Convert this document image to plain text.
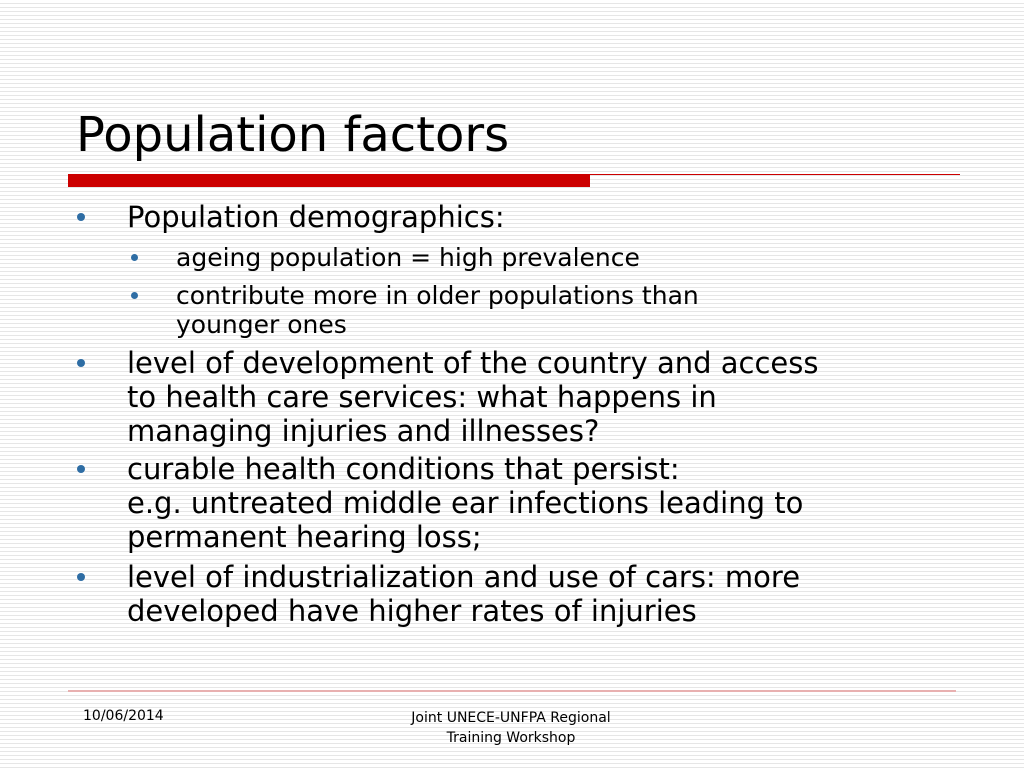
Population factors
Population demographics:
ageing population = high prevalence
contribute more in older populations than
younger ones
level of development of the country and access
to health care services: what happens in
managing injuries and illnesses?
curable health conditions that persist:
e.g. untreated middle ear infections leading to
permanent hearing loss;
level of industrialization and use of cars: more
developed have higher rates of injuries
10/06/2014	Joint UNECE-UNFPA Regional
Training Workshop
